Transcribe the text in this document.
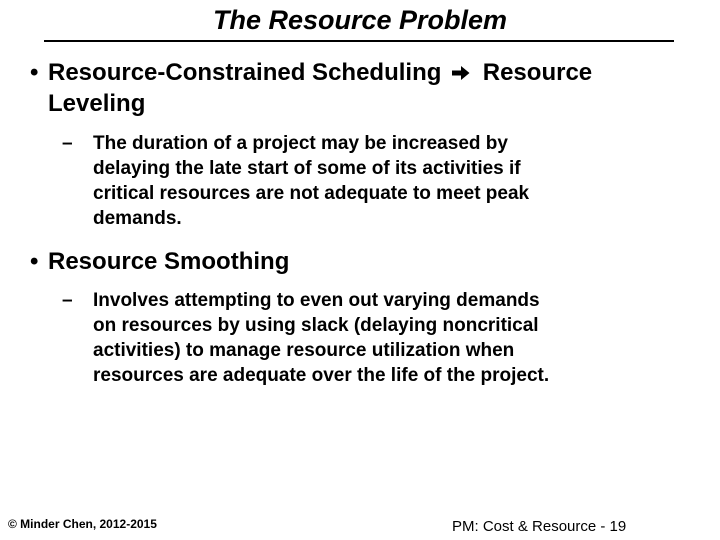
The Resource Problem
• Resource-Constrained Scheduling Resource
Leveling
– The duration of a project may be increased by
delaying the late start of some of its activities if
critical resources are not adequate to meet peak
demands.
• Resource Smoothing
– Involves attempting to even out varying demands
on resources by using slack (delaying noncritical
activities) to manage resource utilization when
resources are adequate over the life of the project.
© Minder Chen, 2012-2015	PM: Cost & Resource - 19
